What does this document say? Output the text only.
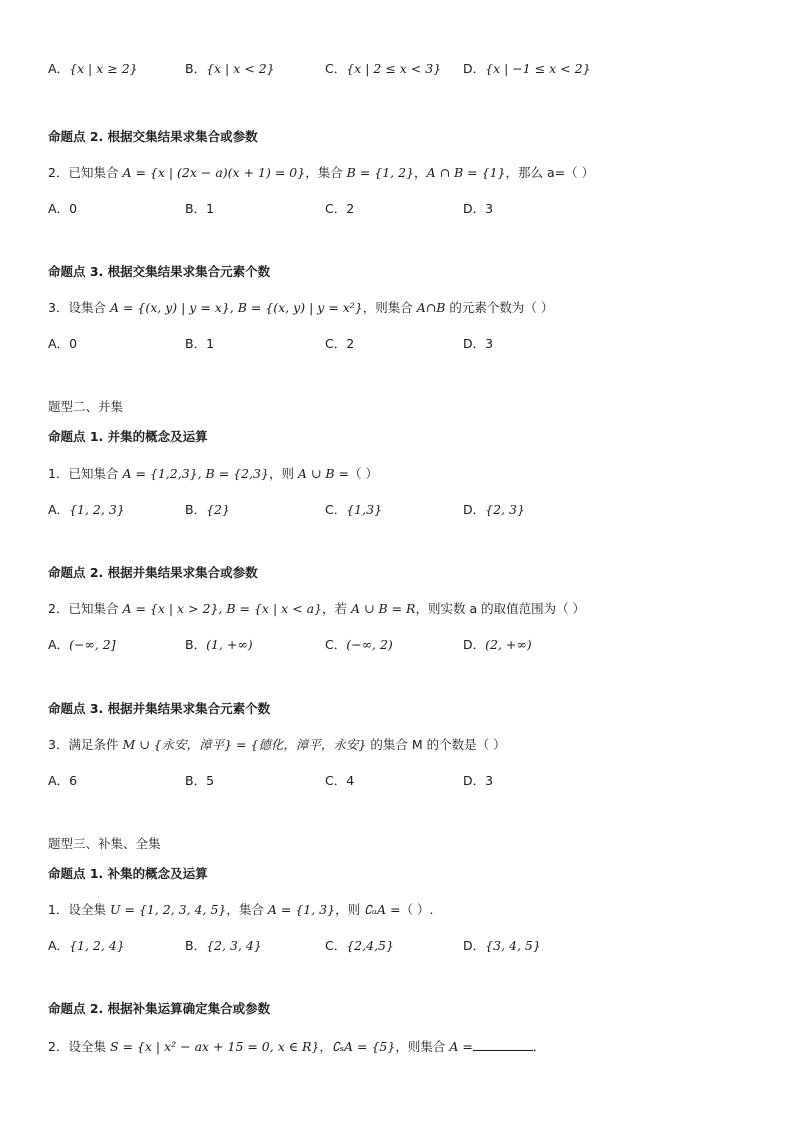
A．{x | x ≥ 2}	B．{x | x < 2}	C．{x | 2 ≤ x < 3} D．{x | −1 ≤ x < 2}
命题点 2. 根据交集结果求集合或参数
2．已知集合 A = {x | (2x − a)(x + 1) = 0}，集合 B = {1, 2}，A ∩ B = {1}，那么 a=（ ）
A．0	B．1	C．2	D．3
命题点 3. 根据交集结果求集合元素个数
3．设集合 A = {(x, y) | y = x}, B = {(x, y) | y = x²}，则集合 A∩B 的元素个数为（ ）
A．0	B．1	C．2	D．3
题型二、并集
命题点 1. 并集的概念及运算
1．已知集合 A = {1,2,3}, B = {2,3}，则 A ∪ B =（ ）
A．{1, 2, 3}	B．{2}	C．{1,3}	D．{2, 3}
命题点 2. 根据并集结果求集合或参数
2．已知集合 A = {x | x > 2}, B = {x | x < a}，若 A ∪ B = R，则实数 a 的取值范围为（ ）
A．(−∞, 2]	B．(1, +∞)	C．(−∞, 2)	D．(2, +∞)
命题点 3. 根据并集结果求集合元素个数
3．满足条件 M ∪ {永安，漳平} = {德化，漳平，永安} 的集合 M 的个数是（ ）
A．6	B．5	C．4	D．3
题型三、补集、全集
命题点 1. 补集的概念及运算
1．设全集 U = {1, 2, 3, 4, 5}，集合 A = {1, 3}，则 ∁ᵤA =（ ）.
A．{1, 2, 4}	B．{2, 3, 4}	C．{2,4,5}	D．{3, 4, 5}
命题点 2. 根据补集运算确定集合或参数
2．设全集 S = {x | x² − ax + 15 = 0, x ∈ R}，∁ₛA = {5}，则集合 A =	．
